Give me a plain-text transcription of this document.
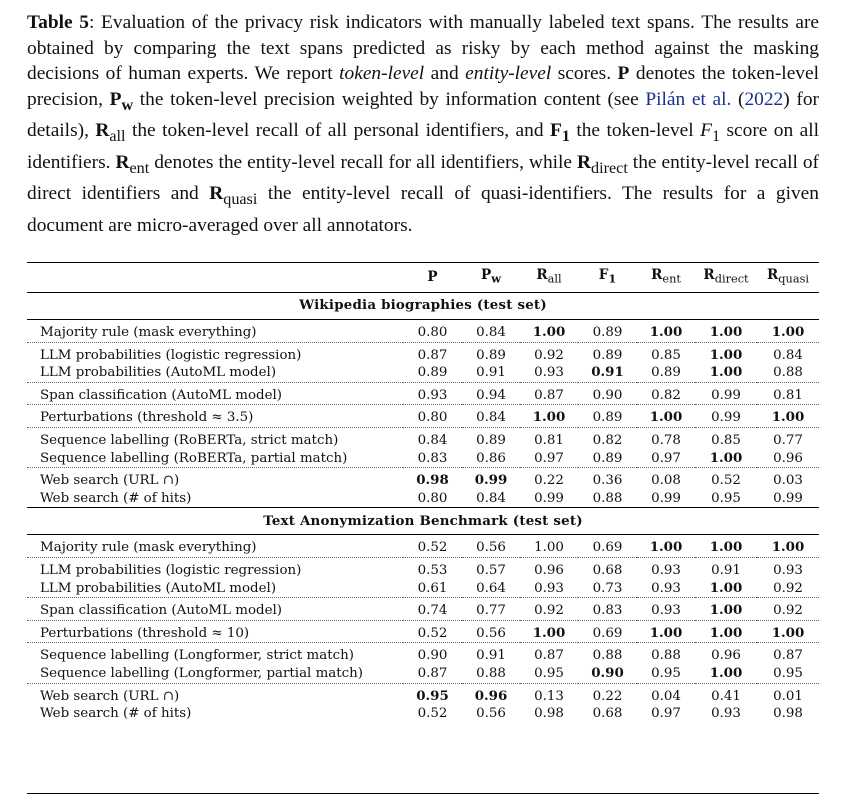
Table 5: Evaluation of the privacy risk indicators with manually labeled text spans. The results are obtained by comparing the text spans predicted as risky by each method against the masking decisions of human experts. We report token-level and entity-level scores. P denotes the token-level precision, $P_w$ the token-level precision weighted by information content (see Pilán et al. (2022) for details), $R_{all}$ the token-level recall of all personal identifiers, and $F_1$ the token-level $F_1$ score on all identifiers. $R_{ent}$ denotes the entity-level recall for all identifiers, while $R_{direct}$ the entity-level recall of direct identifiers and $R_{quasi}$ the entity-level recall of quasi-identifiers. The results for a given document are micro-averaged over all annotators.
	P	$P_w$	$R_{all}$	$F_1$	$R_{ent}$	$R_{direct}$	$R_{quasi}$
Wikipedia biographies (test set)							
Majority rule (mask everything)	0.80	0.84	1.00	0.89	1.00	1.00	1.00
LLM probabilities (logistic regression)	0.87	0.89	0.92	0.89	0.85	1.00	0.84
LLM probabilities (AutoML model)	0.89	0.91	0.93	0.91	0.89	1.00	0.88
Span classification (AutoML model)	0.93	0.94	0.87	0.90	0.82	0.99	0.81
Perturbations (threshold ≈ 3.5)	0.80	0.84	1.00	0.89	1.00	0.99	1.00
Sequence labelling (RoBERTa, strict match)	0.84	0.89	0.81	0.82	0.78	0.85	0.77
Sequence labelling (RoBERTa, partial match)	0.83	0.86	0.97	0.89	0.97	1.00	0.96
Web search (URL ∩)	0.98	0.99	0.22	0.36	0.08	0.52	0.03
Web search (# of hits)	0.80	0.84	0.99	0.88	0.99	0.95	0.99
Text Anonymization Benchmark (test set)							
Majority rule (mask everything)	0.52	0.56	1.00	0.69	1.00	1.00	1.00
LLM probabilities (logistic regression)	0.53	0.57	0.96	0.68	0.93	0.91	0.93
LLM probabilities (AutoML model)	0.61	0.64	0.93	0.73	0.93	1.00	0.92
Span classification (AutoML model)	0.74	0.77	0.92	0.83	0.93	1.00	0.92
Perturbations (threshold ≈ 10)	0.52	0.56	1.00	0.69	1.00	1.00	1.00
Sequence labelling (Longformer, strict match)	0.90	0.91	0.87	0.88	0.88	0.96	0.87
Sequence labelling (Longformer, partial match)	0.87	0.88	0.95	0.90	0.95	1.00	0.95
Web search (URL ∩)	0.95	0.96	0.13	0.22	0.04	0.41	0.01
Web search (# of hits)	0.52	0.56	0.98	0.68	0.97	0.93	0.98
